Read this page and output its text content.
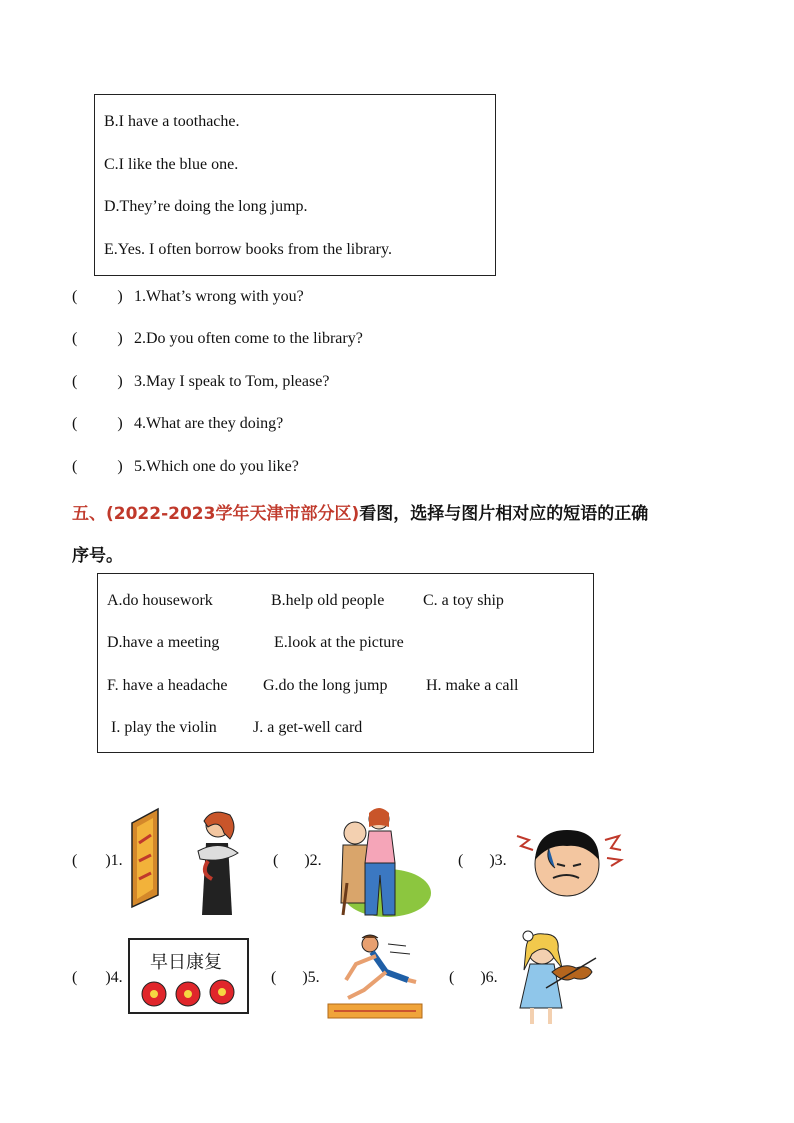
B.I have a toothache.
C.I like the blue one.
D.They’re doing the long jump.
E.Yes. I often borrow books from the library.
(	) 1.What’s wrong with you?
(	) 2.Do you often come to the library?
(	) 3.May I speak to Tom, please?
(	) 4.What are they doing?
(	) 5.Which one do you like?
五、(2022-2023学年天津市部分区)看图，选择与图片相对应的短语的正确
序号。
A.do housework	B.help old people C. a toy ship
D.have a meeting	E.look at the picture
F. have a headache G.do the long jump H. make a call
I. play the violin J. a get-well card
( )1.	( )2.	( )3.
( )4.	( )5.	( )6.
早日康复
